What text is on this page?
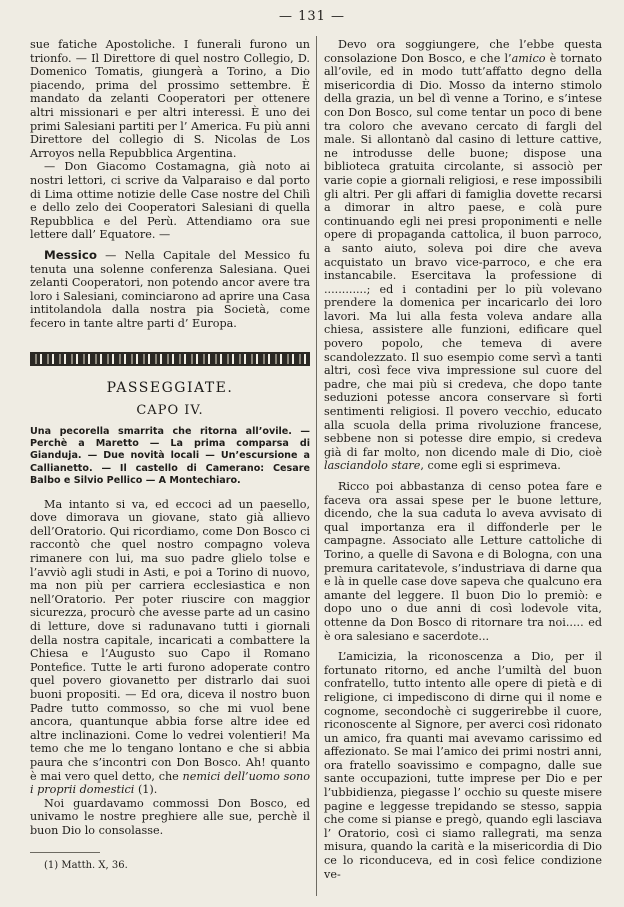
— 131 —

sue fatiche Apostoliche. I funerali furono un trionfo. — Il Direttore di quel nostro Collegio, D. Domenico Tomatis, giungerà a Torino, a Dio piacendo, prima del prossimo settembre. È mandato da zelanti Cooperatori per ottenere altri missionari e per altri interessi. È uno dei primi Salesiani partiti per l’ America. Fu più anni Direttore del collegio di S. Nicolas de Los Arroyos nella Repubblica Argentina.

— Don Giacomo Costamagna, già noto ai nostri lettori, ci scrive da Valparaiso e dal porto di Lima ottime notizie delle Case nostre del Chilì e dello zelo dei Cooperatori Salesiani di quella Repubblica e del Perù. Attendiamo ora sue lettere dall’ Equatore. —

Messico — Nella Capitale del Messico fu tenuta una solenne conferenza Salesiana. Quei zelanti Cooperatori, non potendo ancor avere tra loro i Salesiani, cominciarono ad aprire una Casa intitolandola dalla nostra pia Società, come fecero in tante altre parti d’ Europa.

PASSEGGIATE.
CAPO IV.

Una pecorella smarrita che ritorna all’ovile. — Perchè a Maretto — La prima comparsa di Gianduja. — Due novità locali — Un’escursione a Callianetto. — Il castello di Camerano: Cesare Balbo e Silvio Pellico — A Montechiaro.

Ma intanto si va, ed eccoci ad un paesello, dove dimorava un giovane, stato già allievo dell’Oratorio. Qui ricordiamo, come Don Bosco ci raccontò che quel nostro compagno voleva rimanere con lui, ma suo padre glielo tolse e l’avviò agli studi in Asti, e poi a Torino di nuovo, ma non più per carriera ecclesiastica e non nell’Oratorio. Per poter riuscire con maggior sicurezza, procurò che avesse parte ad un casino di letture, dove si radunavano tutti i giornali della nostra capitale, incaricati a combattere la Chiesa e l’Augusto suo Capo il Romano Pontefice. Tutte le arti furono adoperate contro quel povero giovanetto per distrarlo dai suoi buoni propositi. — Ed ora, diceva il nostro buon Padre tutto commosso, so che mi vuol bene ancora, quantunque abbia forse altre idee ed altre inclinazioni. Come lo vedrei volentieri! Ma temo che me lo tengano lontano e che si abbia paura che s’incontri con Don Bosco. Ah! quanto è mai vero quel detto, che nemici dell’uomo sono i proprii domestici (1).

Noi guardavamo commossi Don Bosco, ed univamo le nostre preghiere alle sue, perchè il buon Dio lo consolasse.

(1) Matth. X, 36.

Devo ora soggiungere, che l’ebbe questa consolazione Don Bosco, e che l’amico è tornato all’ovile, ed in modo tutt’affatto degno della misericordia di Dio. Mosso da interno stimolo della grazia, un bel dì venne a Torino, e s’intese con Don Bosco, sul come tentar un poco di bene tra coloro che avevano cercato di fargli del male. Si allontanò dal casino di letture cattive, ne introdusse delle buone; dispose una biblioteca gratuita circolante, si associò per varie copie a giornali religiosi, e rese impossibili gli altri. Per gli affari di famiglia dovette recarsi a dimorar in altro paese, e colà pure continuando egli nei presi proponimenti e nelle opere di propaganda cattolica, il buon parroco, a santo aiuto, soleva poi dire che aveva acquistato un bravo vice-parroco, e che era instancabile. Esercitava la professione di ............; ed i contadini per lo più volevano prendere la domenica per incaricarlo dei loro lavori. Ma lui alla festa voleva andare alla chiesa, assistere alle funzioni, edificare quel povero popolo, che temeva di avere scandolezzato. Il suo esempio come servì a tanti altri, così fece viva impressione sul cuore del padre, che mai più si credeva, che dopo tante seduzioni potesse ancora conservare sì forti sentimenti religiosi. Il povero vecchio, educato alla scuola della prima rivoluzione francese, sebbene non si potesse dire empio, si credeva già di far molto, non dicendo male di Dio, cioè lasciandolo stare, come egli si esprimeva.

Ricco poi abbastanza di censo potea fare e faceva ora assai spese per le buone letture, dicendo, che la sua caduta lo aveva avvisato di qual importanza era il diffonderle per le campagne. Associato alle Letture cattoliche di Torino, a quelle di Savona e di Bologna, con una premura caritatevole, s’industriava di darne qua e là in quelle case dove sapeva che qualcuno era amante del leggere. Il buon Dio lo premiò: e dopo uno o due anni di così lodevole vita, ottenne da Don Bosco di ritornare tra noi..... ed è ora salesiano e sacerdote...

L’amicizia, la riconoscenza a Dio, per il fortunato ritorno, ed anche l’umiltà del buon confratello, tutto intento alle opere di pietà e di religione, ci impediscono di dirne qui il nome e cognome, secondochè ci suggerirebbe il cuore, riconoscente al Signore, per averci così ridonato un amico, fra quanti mai avevamo carissimo ed affezionato. Se mai l’amico dei primi nostri anni, ora fratello soavissimo e compagno, dalle sue sante occupazioni, tutte imprese per Dio e per l’ubbidienza, piegasse l’ occhio su queste misere pagine e leggesse trepidando se stesso, sappia che come si pianse e pregò, quando egli lasciava l’ Oratorio, così ci siamo rallegrati, ma senza misura, quando la carità e la misericordia di Dio ce lo riconduceva, ed in così felice condizione ve-
